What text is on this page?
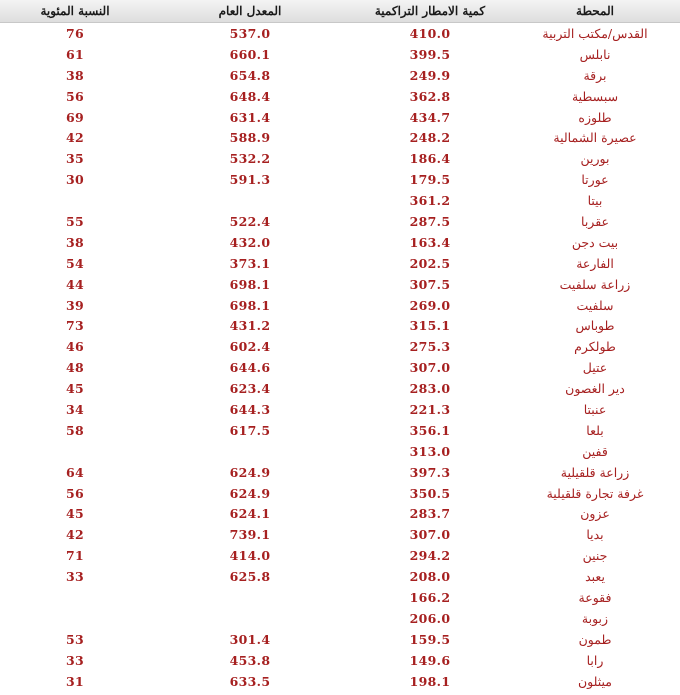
النسبة المئوية	المعدل العام	كمية الامطار التراكمية	المحطة
76	537.0	410.0	القدس/مكتب التربية
61	660.1	399.5	نابلس
38	654.8	249.9	برقة
56	648.4	362.8	سبسطية
69	631.4	434.7	طلوزه
42	588.9	248.2	عصيرة الشمالية
35	532.2	186.4	بورين
30	591.3	179.5	عورتا
		361.2	بيتا
55	522.4	287.5	عقربا
38	432.0	163.4	بيت دجن
54	373.1	202.5	الفارعة
44	698.1	307.5	زراعة سلفيت
39	698.1	269.0	سلفيت
73	431.2	315.1	طوباس
46	602.4	275.3	طولكرم
48	644.6	307.0	عتيل
45	623.4	283.0	دير الغصون
34	644.3	221.3	عنبتا
58	617.5	356.1	بلعا
		313.0	قفين
64	624.9	397.3	زراعة قلقيلية
56	624.9	350.5	غرفة تجارة قلقيلية
45	624.1	283.7	عزون
42	739.1	307.0	بديا
71	414.0	294.2	جنين
33	625.8	208.0	يعبد
		166.2	فقوعة
		206.0	زبوبة
53	301.4	159.5	طمون
33	453.8	149.6	رابا
31	633.5	198.1	ميثلون
